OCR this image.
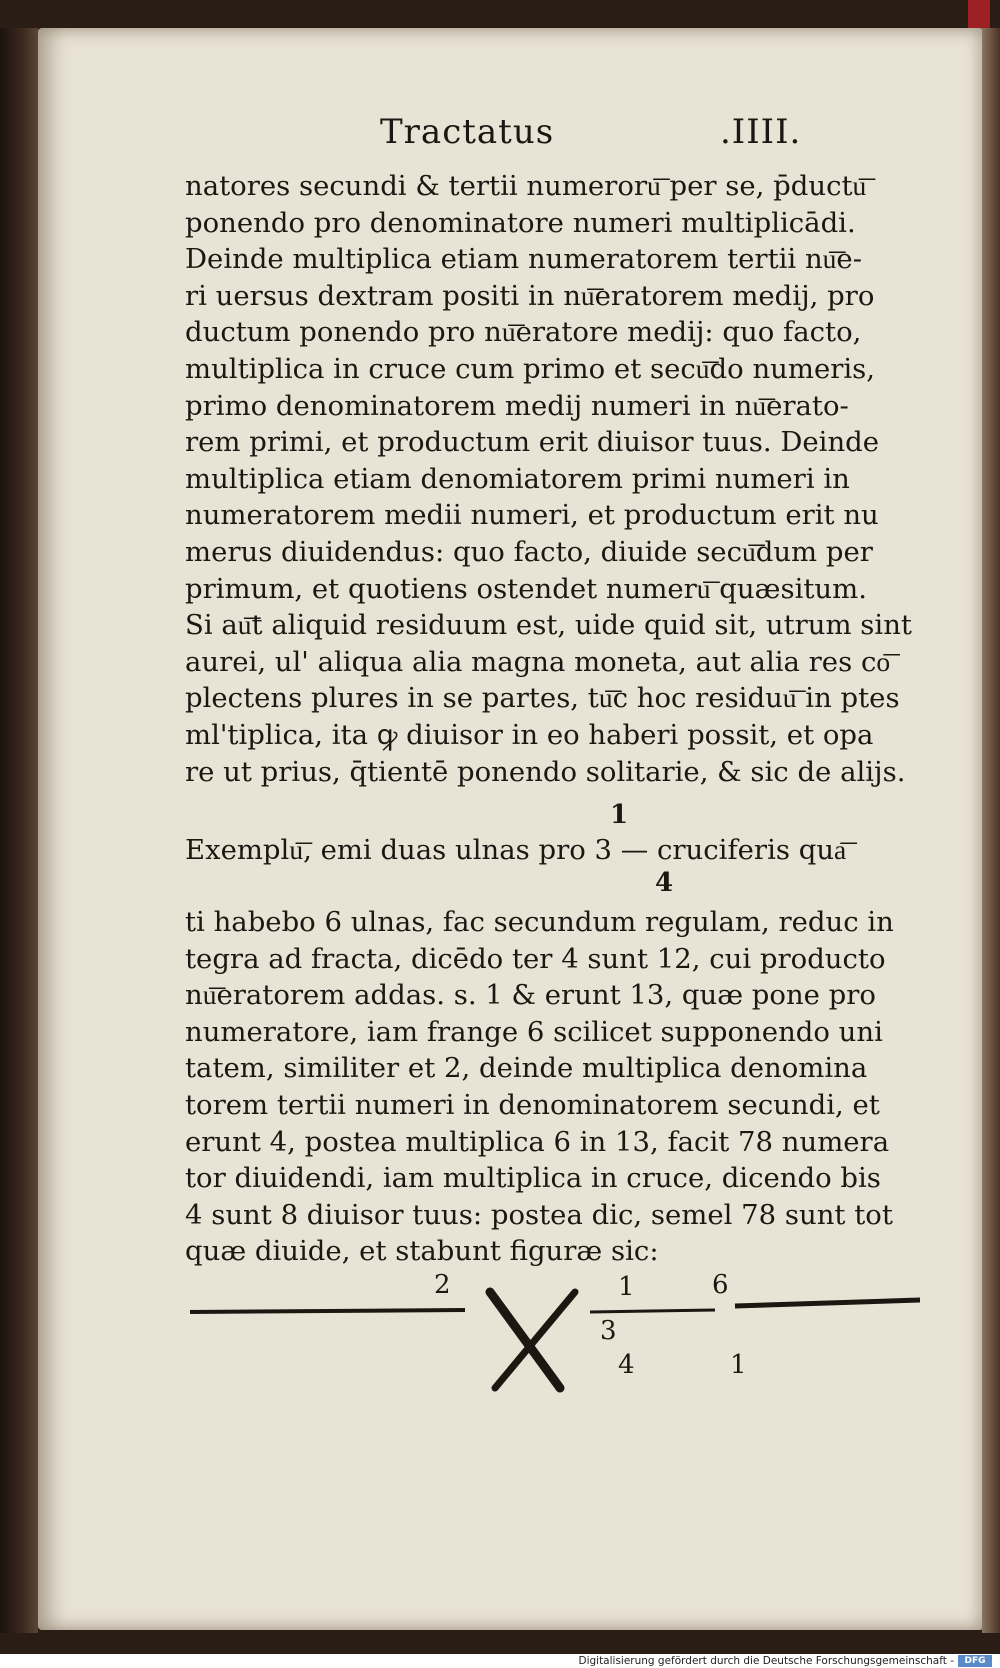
Tractatus	.IIII.
natores secundi & tertii numeroru͞ per se, p̄ductu͞
ponendo pro denominatore numeri multiplicādi.
Deinde multiplica etiam numeratorem tertii nu͞e-
ri uersus dextram positi in nu͞eratorem medij, pro
ductum ponendo pro nu͞eratore medij: quo facto,
multiplica in cruce cum primo et secu͞do numeris,
primo denominatorem medij numeri in nu͞erato-
rem primi, et productum erit diuisor tuus. Deinde
multiplica etiam denomiatorem primi numeri in
numeratorem medii numeri, et productum erit nu
merus diuidendus: quo facto, diuide secu͞dum per
primum, et quotiens ostendet numeru͞ quæsitum.
Si au͞t aliquid residuum est, uide quid sit, utrum sint
aurei, ul' aliqua alia magna moneta, aut alia res co͞
plectens plures in se partes, tu͞c hoc residuu͞ in ptes
ml'tiplica, ita ꝙ diuisor in eo haberi possit, et opa
re ut prius, q̄tientē ponendo solitarie, & sic de alijs.
1
Exemplu͞, emi duas ulnas pro 3 — cruciferis qua͞
4
ti habebo 6 ulnas, fac secundum regulam, reduc in
tegra ad fracta, dicēdo ter 4 sunt 12, cui producto
nu͞eratorem addas. s. 1 & erunt 13, quæ pone pro
numeratore, iam frange 6 scilicet supponendo uni
tatem, similiter et 2, deinde multiplica denomina
torem tertii numeri in denominatorem secundi, et
erunt 4, postea multiplica 6 in 13, facit 78 numera
tor diuidendi, iam multiplica in cruce, dicendo bis
4 sunt 8 diuisor tuus: postea dic, semel 78 sunt tot
quæ diuide, et stabunt figuræ sic:
2	1
3
4
6
1
Digitalisierung gefördert durch die Deutsche Forschungsgemeinschaft -	DFG
